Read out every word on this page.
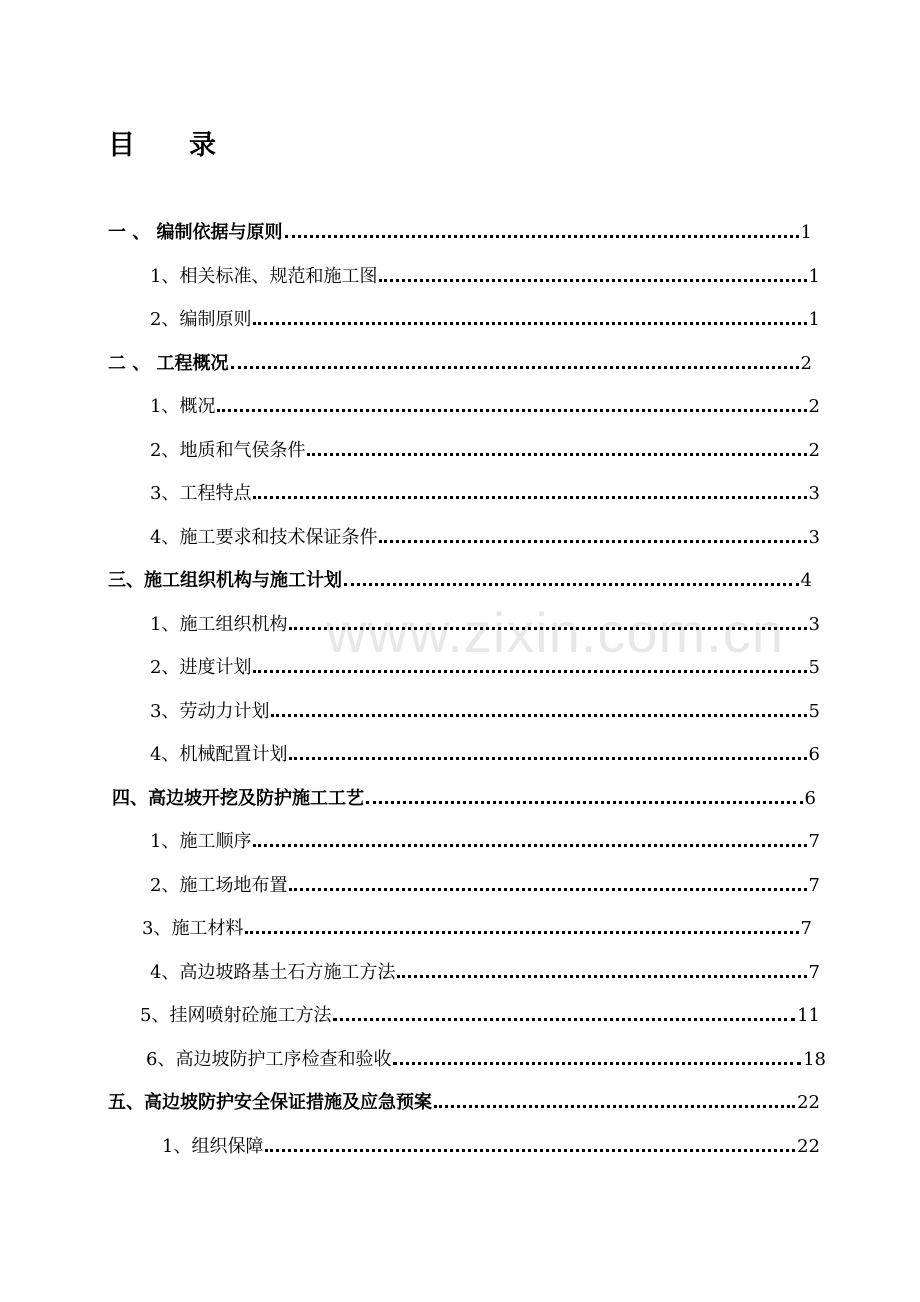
目　　录
www.zixin.com.cn
一 、 编制依据与原则	1
1、相关标准、规范和施工图	1
2、编制原则	1
二 、 工程概况	2
1、概况	2
2、地质和气侯条件	2
3、工程特点	3
4、施工要求和技术保证条件	3
三、施工组织机构与施工计划	4
1、施工组织机构	3
2、进度计划	5
3、劳动力计划	5
4、机械配置计划	6
四、高边坡开挖及防护施工工艺	6
1、施工顺序	7
2、施工场地布置	7
3、施工材料	7
4、高边坡路基土石方施工方法	7
5、挂网喷射砼施工方法	11
6、高边坡防护工序检查和验收	18
五、高边坡防护安全保证措施及应急预案	22
1、组织保障	22
